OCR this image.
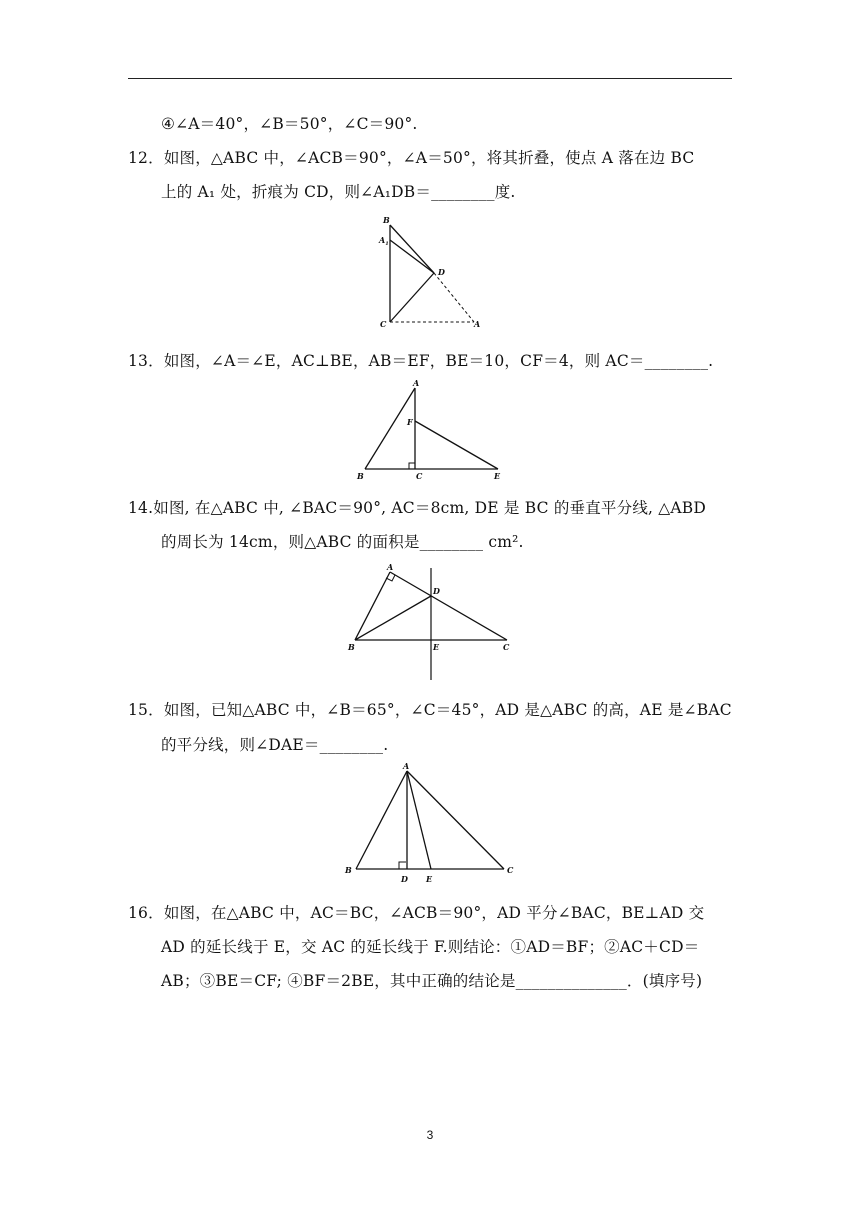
④∠A＝40°，∠B＝50°，∠C＝90°.
12．如图，△ABC 中，∠ACB＝90°，∠A＝50°，将其折叠，使点 A 落在边 BC
上的 A₁ 处，折痕为 CD，则∠A₁DB＝________度.
B
$A_1$
D
C	A
13．如图，∠A＝∠E，AC⊥BE，AB＝EF，BE＝10，CF＝4，则 AC＝________.
A
F
B	C	E
14.如图, 在△ABC 中, ∠BAC＝90°, AC＝8cm, DE 是 BC 的垂直平分线, △ABD
的周长为 14cm，则△ABC 的面积是________ cm².
A
D
B	E	C
15．如图，已知△ABC 中，∠B＝65°，∠C＝45°，AD 是△ABC 的高，AE 是∠BAC
的平分线，则∠DAE＝________.
A
B
D E
C
16．如图，在△ABC 中，AC＝BC，∠ACB＝90°，AD 平分∠BAC，BE⊥AD 交
AD 的延长线于 E，交 AC 的延长线于 F.则结论：①AD＝BF；②AC＋CD＝
AB；③BE＝CF; ④BF＝2BE，其中正确的结论是______________．(填序号)
3
